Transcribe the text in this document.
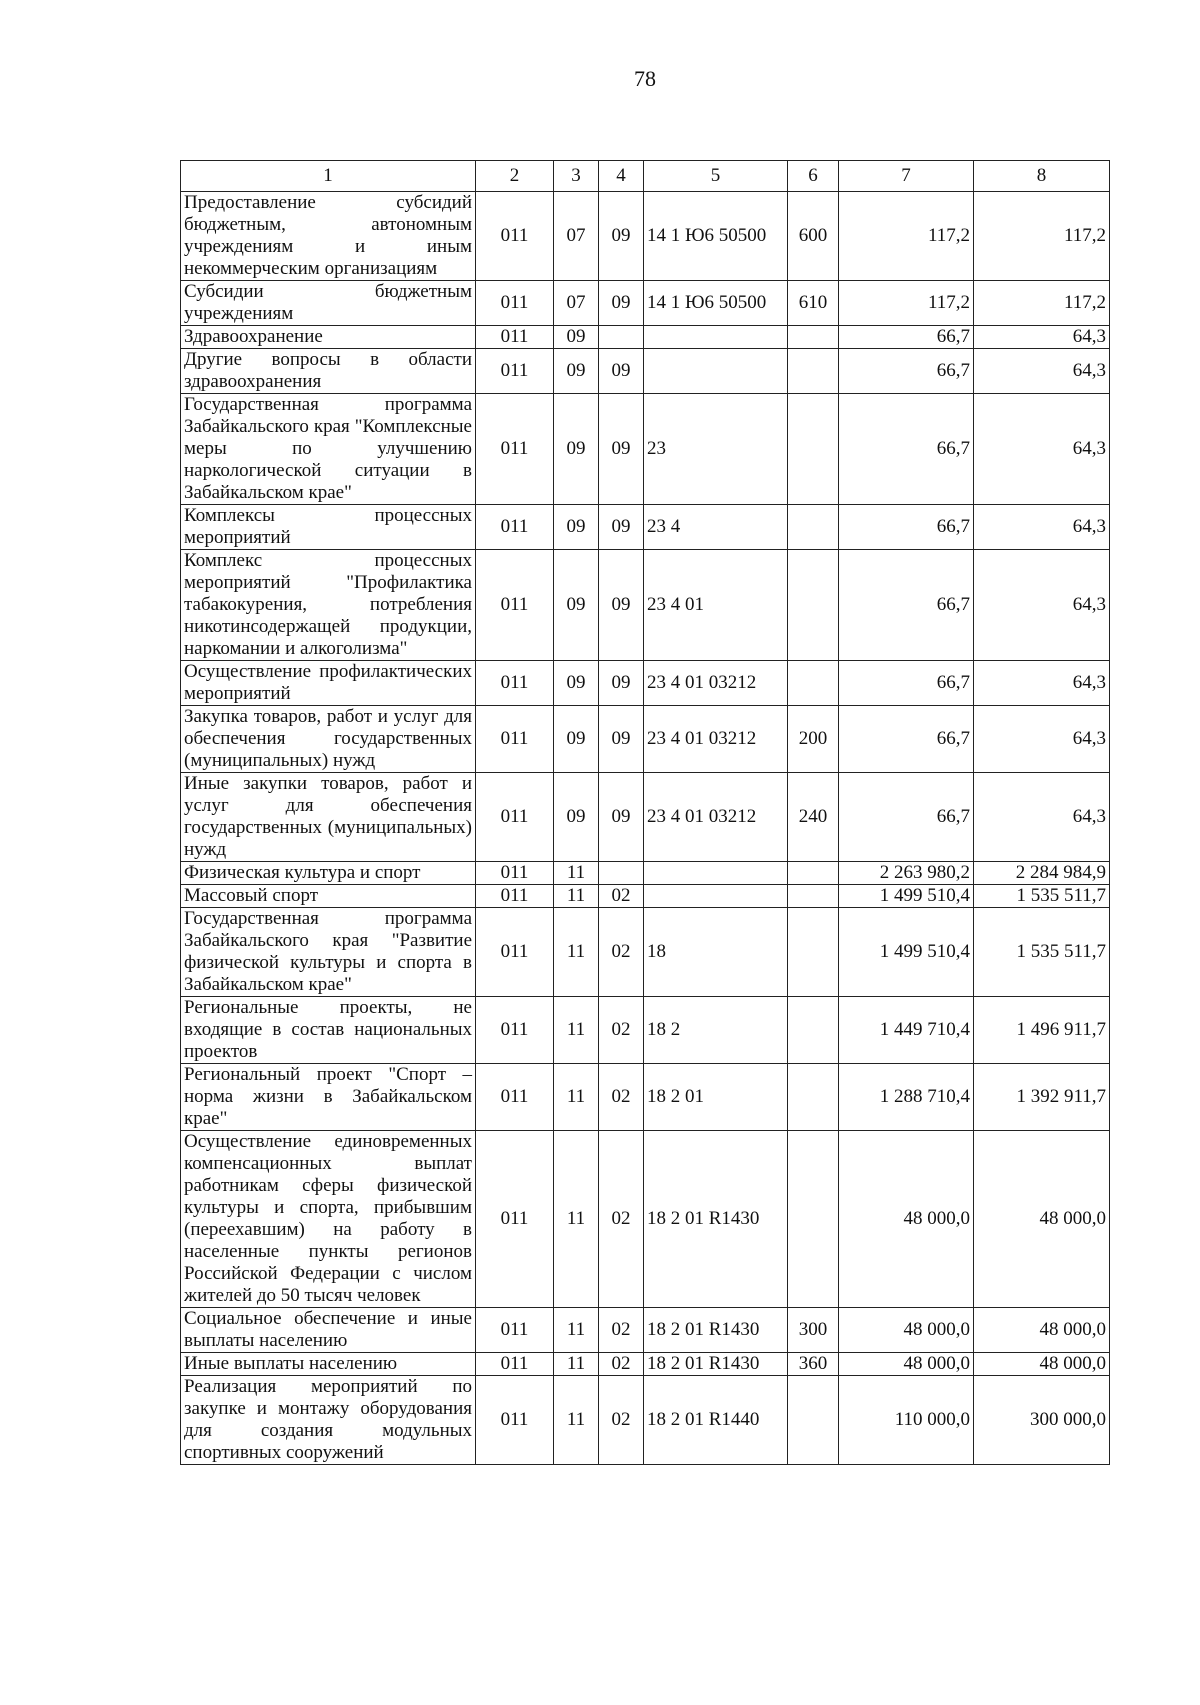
78
1	2	3	4	5	6	7	8
Предоставление субсидий бюджетным, автономным учреждениям и иным некоммерческим организациям	011	07	09	14 1 Ю6 50500	600	117,2	117,2
Субсидии бюджетным учреждениям	011	07	09	14 1 Ю6 50500	610	117,2	117,2
Здравоохранение	011	09				66,7	64,3
Другие вопросы в области здравоохранения	011	09	09			66,7	64,3
Государственная программа Забайкальского края "Комплексные меры по улучшению наркологической ситуации в Забайкальском крае"	011	09	09	23		66,7	64,3
Комплексы процессных мероприятий	011	09	09	23 4		66,7	64,3
Комплекс процессных мероприятий "Профилактика табакокурения, потребления никотинсодержащей продукции, наркомании и алкоголизма"	011	09	09	23 4 01		66,7	64,3
Осуществление профилактических мероприятий	011	09	09	23 4 01 03212		66,7	64,3
Закупка товаров, работ и услуг для обеспечения государственных (муниципальных) нужд	011	09	09	23 4 01 03212	200	66,7	64,3
Иные закупки товаров, работ и услуг для обеспечения государственных (муниципальных) нужд	011	09	09	23 4 01 03212	240	66,7	64,3
Физическая культура и спорт	011	11				2 263 980,2	2 284 984,9
Массовый спорт	011	11	02			1 499 510,4	1 535 511,7
Государственная программа Забайкальского края "Развитие физической культуры и спорта в Забайкальском крае"	011	11	02	18		1 499 510,4	1 535 511,7
Региональные проекты, не входящие в состав национальных проектов	011	11	02	18 2		1 449 710,4	1 496 911,7
Региональный проект "Спорт – норма жизни в Забайкальском крае"	011	11	02	18 2 01		1 288 710,4	1 392 911,7
Осуществление единовременных компенсационных выплат работникам сферы физической культуры и спорта, прибывшим (переехавшим) на работу в населенные пункты регионов Российской Федерации с числом жителей до 50 тысяч человек	011	11	02	18 2 01 R1430		48 000,0	48 000,0
Социальное обеспечение и иные выплаты населению	011	11	02	18 2 01 R1430	300	48 000,0	48 000,0
Иные выплаты населению	011	11	02	18 2 01 R1430	360	48 000,0	48 000,0
Реализация мероприятий по закупке и монтажу оборудования для создания модульных спортивных сооружений	011	11	02	18 2 01 R1440		110 000,0	300 000,0
